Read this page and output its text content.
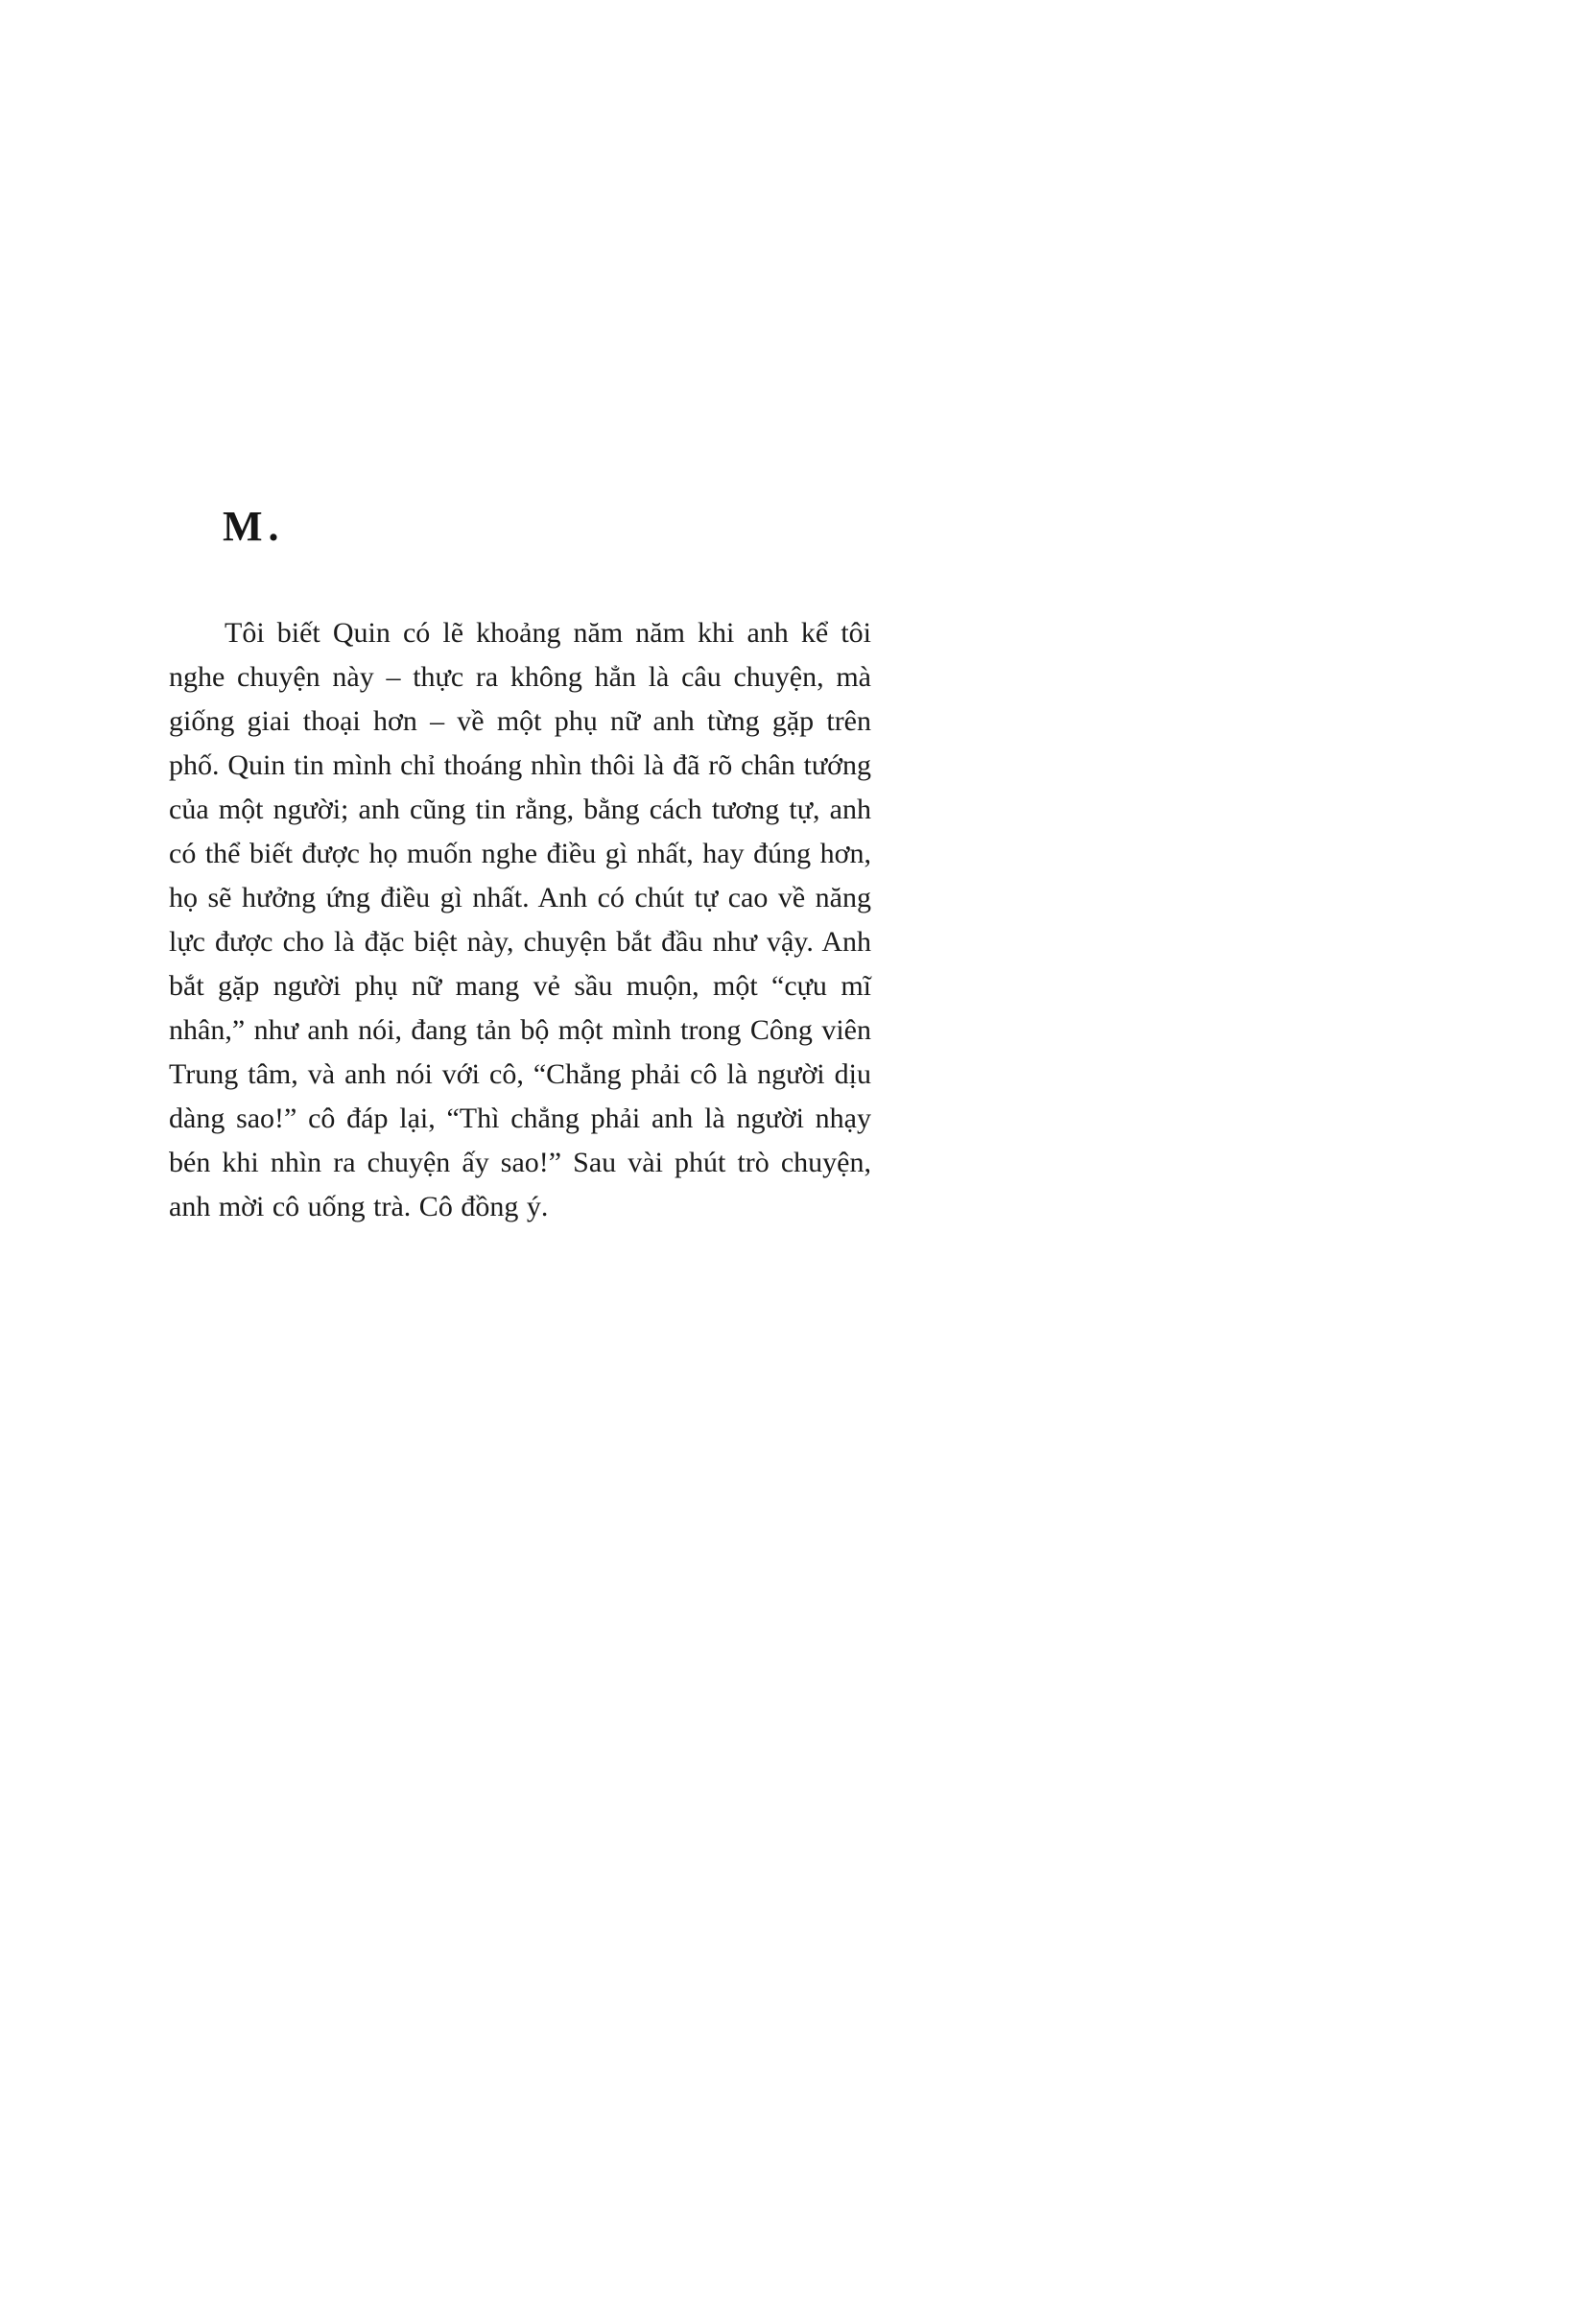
M.

Tôi biết Quin có lẽ khoảng năm năm khi anh kể tôi nghe chuyện này – thực ra không hẳn là câu chuyện, mà giống giai thoại hơn – về một phụ nữ anh từng gặp trên phố. Quin tin mình chỉ thoáng nhìn thôi là đã rõ chân tướng của một người; anh cũng tin rằng, bằng cách tương tự, anh có thể biết được họ muốn nghe điều gì nhất, hay đúng hơn, họ sẽ hưởng ứng điều gì nhất. Anh có chút tự cao về năng lực được cho là đặc biệt này, chuyện bắt đầu như vậy. Anh bắt gặp người phụ nữ mang vẻ sầu muộn, một “cựu mĩ nhân,” như anh nói, đang tản bộ một mình trong Công viên Trung tâm, và anh nói với cô, “Chẳng phải cô là người dịu dàng sao!” cô đáp lại, “Thì chẳng phải anh là người nhạy bén khi nhìn ra chuyện ấy sao!” Sau vài phút trò chuyện, anh mời cô uống trà. Cô đồng ý.
